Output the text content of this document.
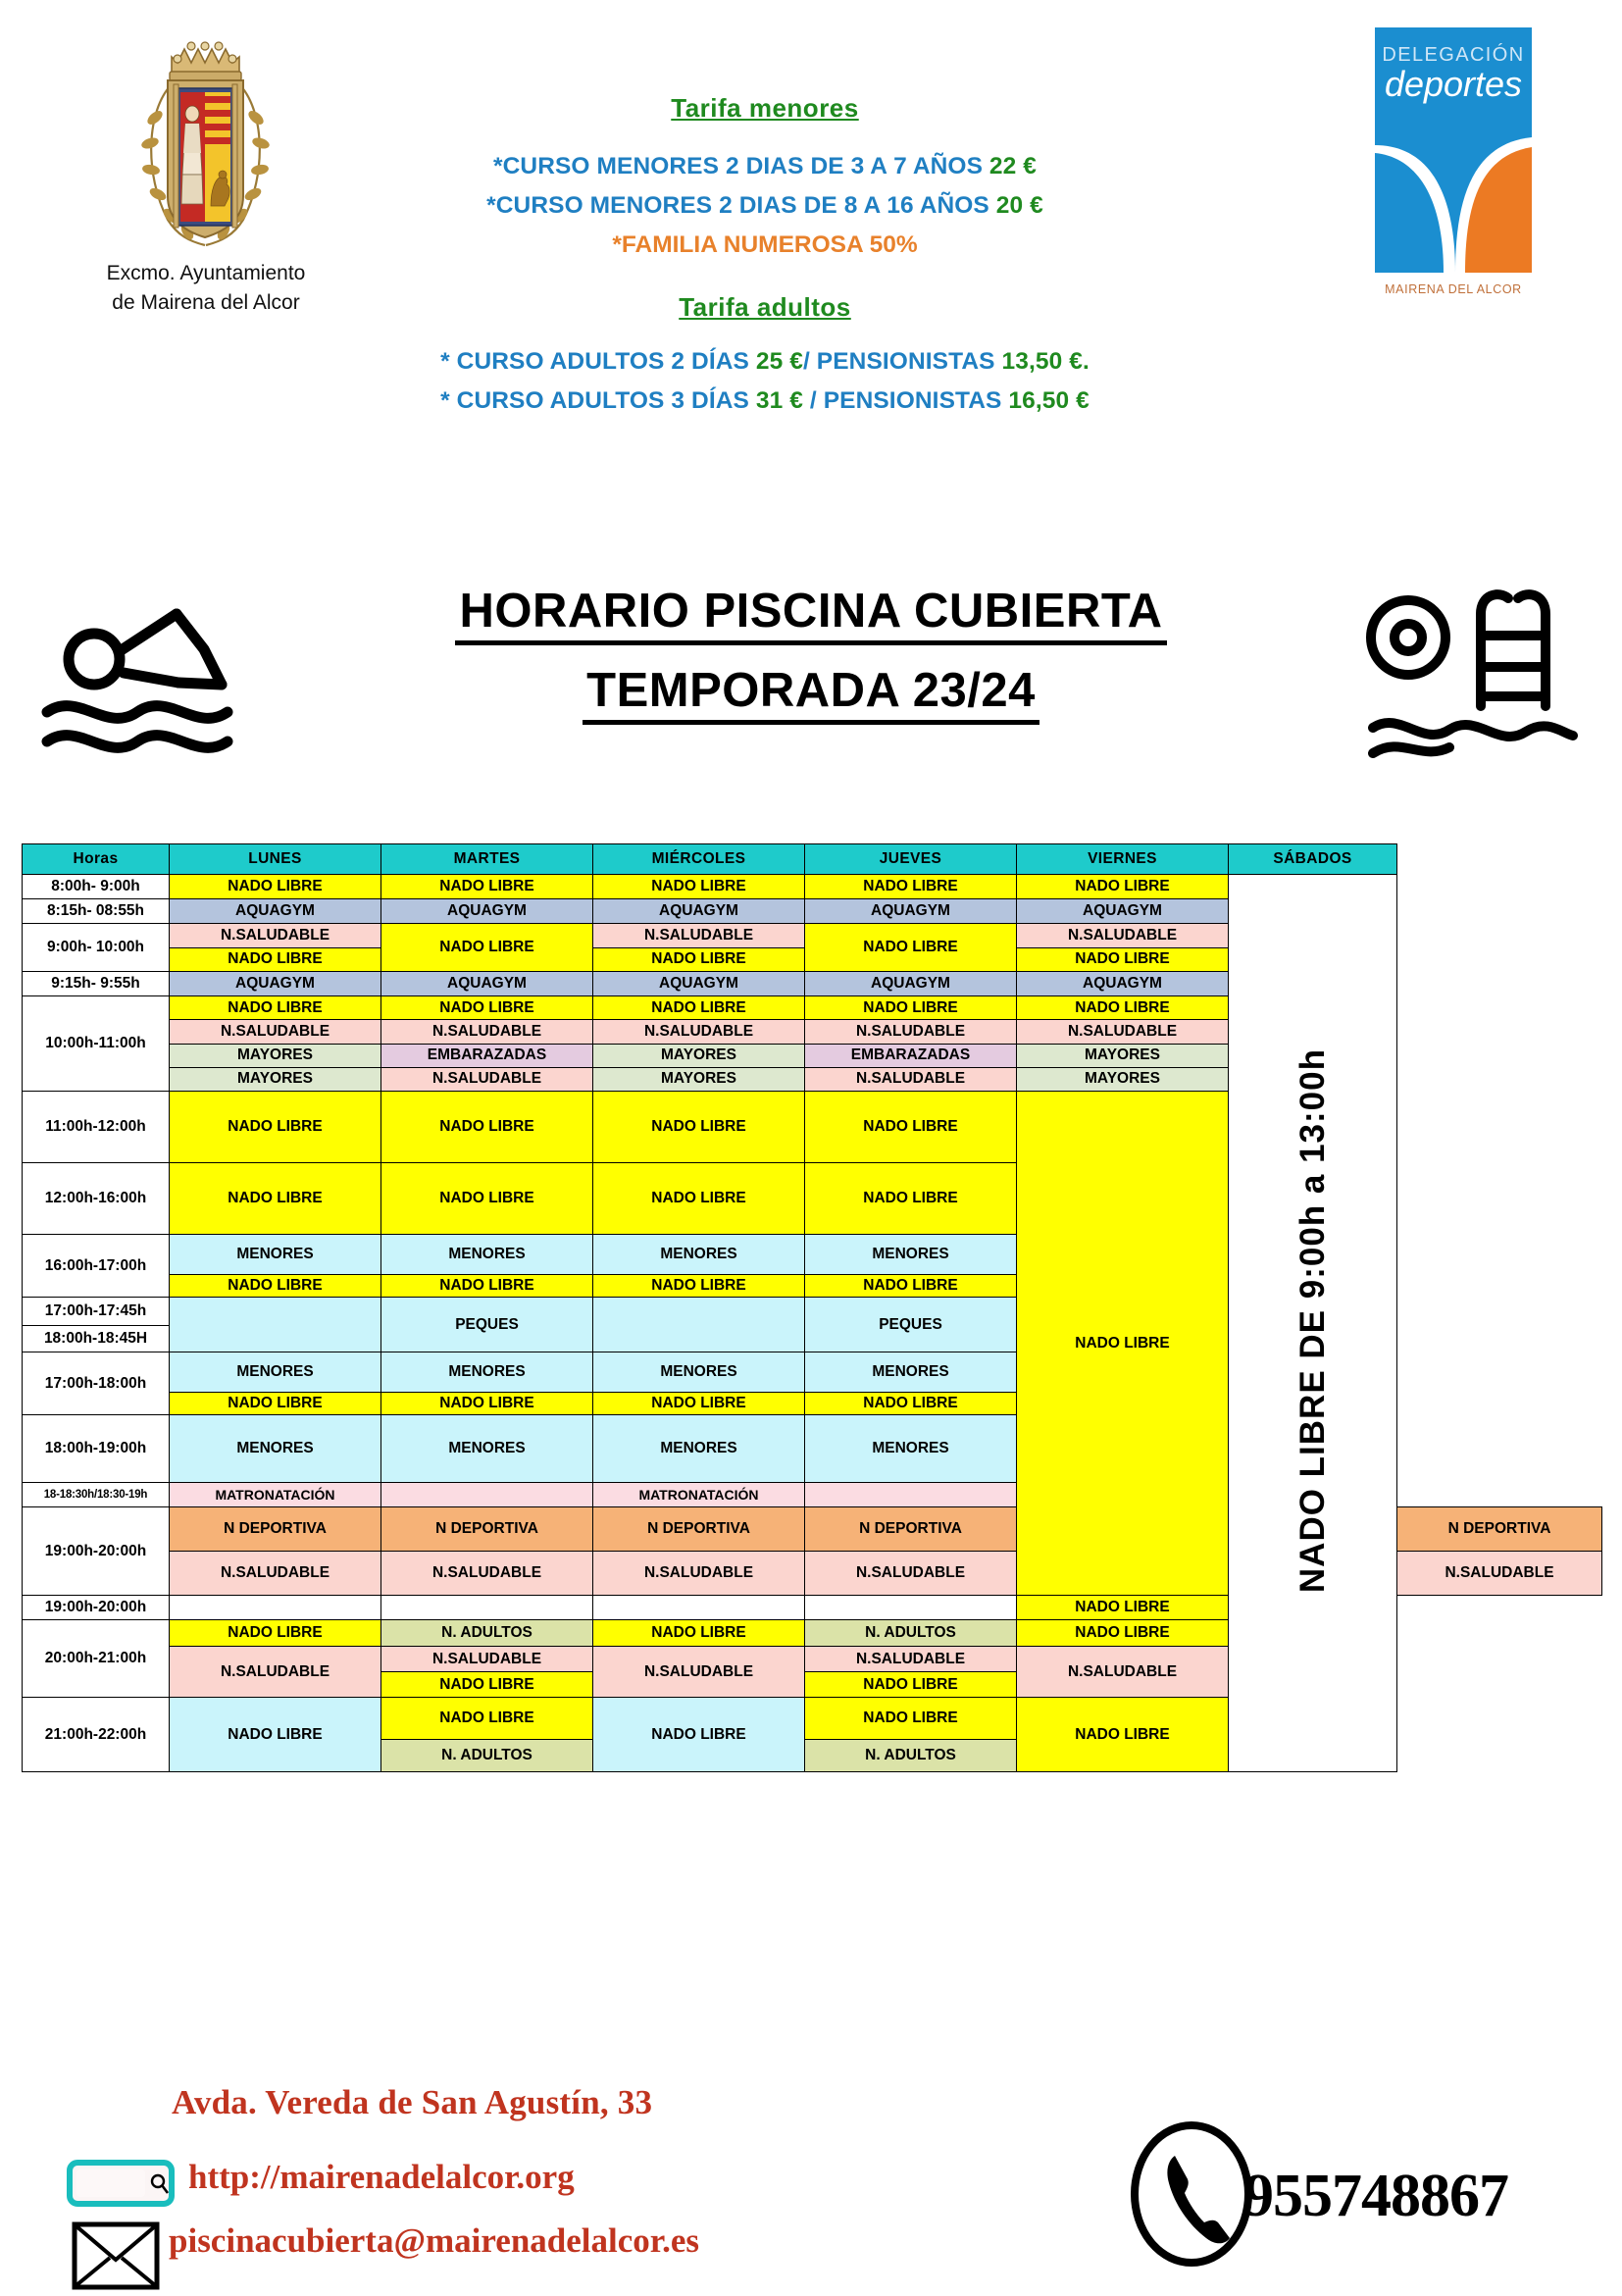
Excmo. Ayuntamiento
de Mairena del Alcor
DELEGACIÓN
deportes
MAIRENA DEL ALCOR
Tarifa menores
*CURSO MENORES 2 DIAS DE 3 A 7 AÑOS 22 €
*CURSO MENORES 2 DIAS DE 8 A 16 AÑOS 20 €
*FAMILIA NUMEROSA 50%
Tarifa adultos
* CURSO ADULTOS 2 DÍAS 25 €/ PENSIONISTAS 13,50 €.
* CURSO ADULTOS 3 DÍAS 31 € / PENSIONISTAS 16,50 €
HORARIO PISCINA CUBIERTA
TEMPORADA 23/24
Horas	LUNES	MARTES	MIÉRCOLES	JUEVES	VIERNES	SÁBADOS	
8:00h- 9:00h	NADO LIBRE	NADO LIBRE	NADO LIBRE	NADO LIBRE	NADO LIBRE	NADO LIBRE DE 9:00h a 13:00h	
8:15h- 08:55h	AQUAGYM	AQUAGYM	AQUAGYM	AQUAGYM	AQUAGYM		
9:00h- 10:00h	N.SALUDABLE	NADO LIBRE	N.SALUDABLE	NADO LIBRE	N.SALUDABLE		
	NADO LIBRE		NADO LIBRE		NADO LIBRE		
9:15h- 9:55h	AQUAGYM	AQUAGYM	AQUAGYM	AQUAGYM	AQUAGYM		
10:00h-11:00h	NADO LIBRE	NADO LIBRE	NADO LIBRE	NADO LIBRE	NADO LIBRE		
	N.SALUDABLE	N.SALUDABLE	N.SALUDABLE	N.SALUDABLE	N.SALUDABLE		
	MAYORES	EMBARAZADAS	MAYORES	EMBARAZADAS	MAYORES		
	MAYORES	N.SALUDABLE	MAYORES	N.SALUDABLE	MAYORES		
11:00h-12:00h	NADO LIBRE	NADO LIBRE	NADO LIBRE	NADO LIBRE	NADO LIBRE		
12:00h-16:00h	NADO LIBRE	NADO LIBRE	NADO LIBRE	NADO LIBRE			
16:00h-17:00h	MENORES	MENORES	MENORES	MENORES			
	NADO LIBRE	NADO LIBRE	NADO LIBRE	NADO LIBRE			
17:00h-17:45h		PEQUES		PEQUES			
18:00h-18:45H							
17:00h-18:00h	MENORES	MENORES	MENORES	MENORES			
	NADO LIBRE	NADO LIBRE	NADO LIBRE	NADO LIBRE			
18:00h-19:00h	MENORES	MENORES	MENORES	MENORES			
18-18:30h/18:30-19h	MATRONATACIÓN		MATRONATACIÓN				
19:00h-20:00h	N DEPORTIVA	N DEPORTIVA	N DEPORTIVA	N DEPORTIVA			N DEPORTIVA
	N.SALUDABLE	N.SALUDABLE	N.SALUDABLE	N.SALUDABLE			N.SALUDABLE
19:00h-20:00h					NADO LIBRE		
20:00h-21:00h	NADO LIBRE	N. ADULTOS	NADO LIBRE	N. ADULTOS	NADO LIBRE		
	N.SALUDABLE	N.SALUDABLE	N.SALUDABLE	N.SALUDABLE	N.SALUDABLE		
		NADO LIBRE		NADO LIBRE			
21:00h-22:00h	NADO LIBRE	NADO LIBRE	NADO LIBRE	NADO LIBRE	NADO LIBRE		
		N. ADULTOS		N. ADULTOS			
Avda. Vereda de San Agustín, 33
http://mairenadelalcor.org
piscinacubierta@mairenadelalcor.es
955748867
